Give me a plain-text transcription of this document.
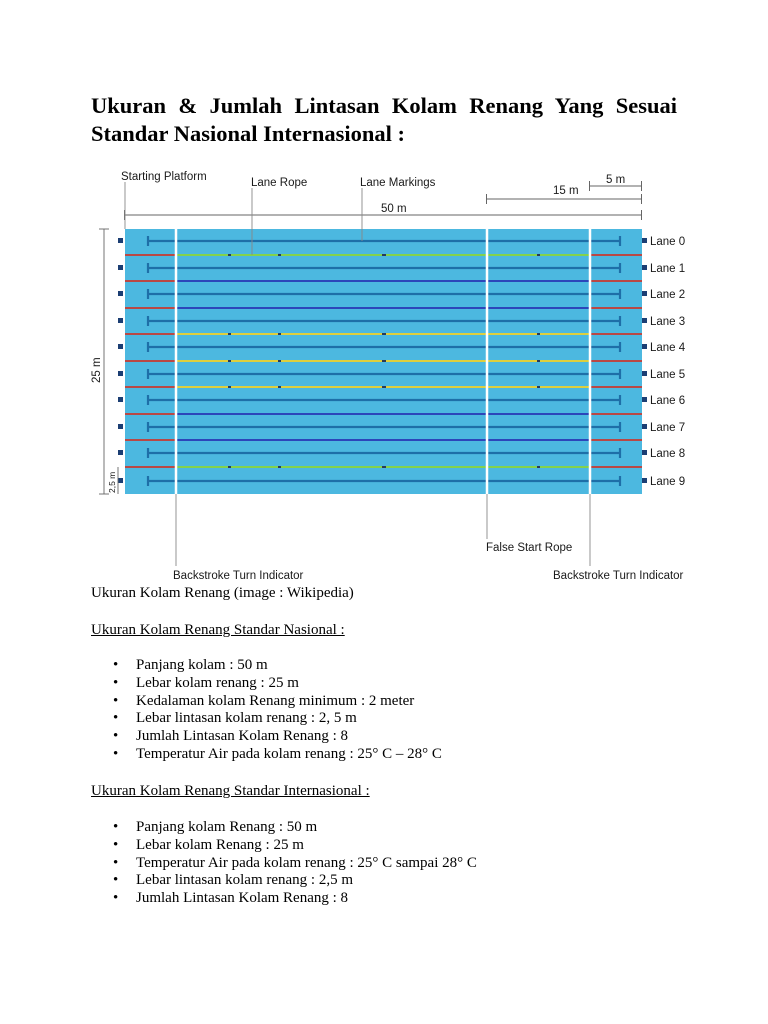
Ukuran & Jumlah Lintasan Kolam Renang Yang Sesuai Standar Nasional Internasional :
Lane 0
Lane 1
Lane 2
Lane 3
Lane 4
Lane 5
Lane 6
Lane 7
Lane 8
Lane 9
Starting Platform	Lane Rope	Lane Markings
50 m
15 m
5 m
25 m
2,5 m
False Start Rope
Backstroke Turn Indicator	Backstroke Turn Indicator
Ukuran Kolam Renang (image : Wikipedia)
Ukuran Kolam Renang Standar Nasional :
• Panjang kolam : 50 m
• Lebar kolam renang : 25 m
• Kedalaman kolam Renang minimum : 2 meter
• Lebar lintasan kolam renang : 2, 5 m
• Jumlah Lintasan Kolam Renang : 8
• Temperatur Air pada kolam renang : 25° C – 28° C
Ukuran Kolam Renang Standar Internasional :
• Panjang kolam Renang : 50 m
• Lebar kolam Renang : 25 m
• Temperatur Air pada kolam renang : 25° C sampai 28° C
• Lebar lintasan kolam renang : 2,5 m
• Jumlah Lintasan Kolam Renang : 8
